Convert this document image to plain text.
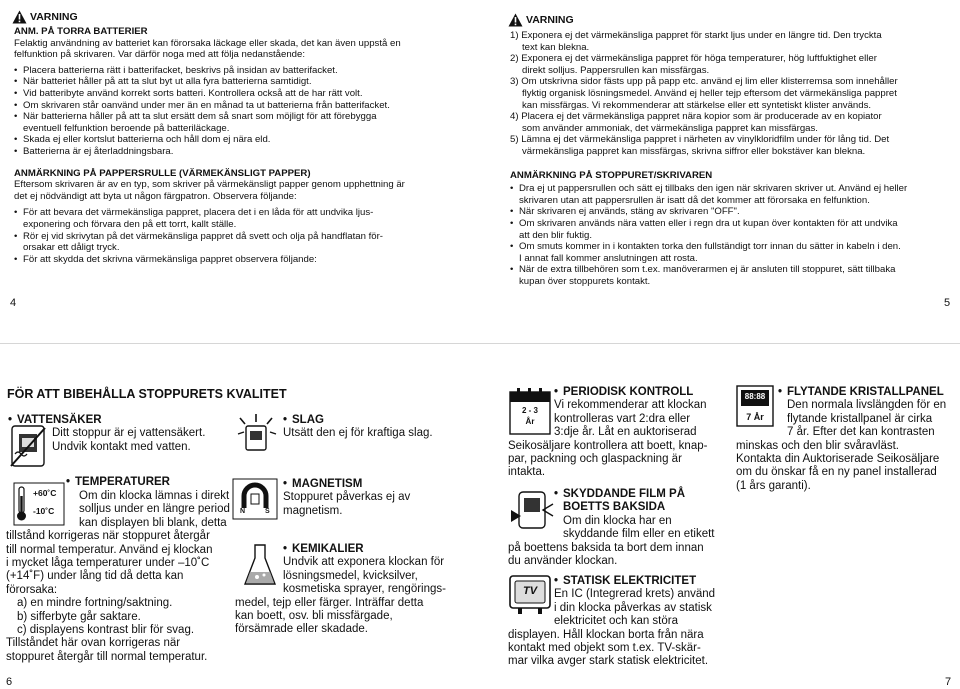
VARNING
ANM. PÅ TORRA BATTERIER
Felaktig användning av batteriet kan förorsaka läckage eller skada, det kan även uppstå en
felfunktion på skrivaren. Var därför noga med att följa nedanstående:
• Placera batterierna rätt i batterifacket, beskrivs på insidan av batterifacket.
• När batteriet håller på att ta slut byt ut alla fyra batterierna samtidigt.
• Vid batteribyte använd korrekt sorts batteri. Kontrollera också att de har rätt volt.
• Om skrivaren står oanvänd under mer än en månad ta ut batterierna från batterifacket.
• När batterierna håller på att ta slut ersätt dem så snart som möjligt för att förebygga
eventuell felfunktion beroende på batteriläckage.
• Skada ej eller kortslut batterierna och håll dom ej nära eld.
• Batterierna är ej återladdningsbara.
ANMÄRKNING PÅ PAPPERSRULLE (VÄRMEKÄNSLIGT PAPPER)
Eftersom skrivaren är av en typ, som skriver på värmekänsligt papper genom upphettning är
det ej nödvändigt att byta ut någon färgpatron. Observera följande:
• För att bevara det värmekänsliga pappret, placera det i en låda för att undvika ljus-
exponering och förvara den på ett torrt, kallt ställe.
• Rör ej vid skrivytan på det värmekänsliga pappret då svett och olja på handflatan för-
orsakar ett dåligt tryck.
• För att skydda det skrivna värmekänsliga pappret observera följande:
4
VARNING
1) Exponera ej det värmekänsliga pappret för starkt ljus under en längre tid. Den tryckta
text kan blekna.
2) Exponera ej det värmekänsliga pappret för höga temperaturer, hög luftfuktighet eller
direkt solljus. Pappersrullen kan missfärgas.
3) Om utskrivna sidor fästs upp på papp etc. använd ej lim eller klisterremsa som innehåller
flyktig organisk lösningsmedel. Använd ej heller tejp eftersom det värmekänsliga pappret
kan missfärgas. Vi rekommenderar att stärkelse eller ett syntetiskt klister används.
4) Placera ej det värmekänsliga pappret nära kopior som är producerade av en kopiator
som använder ammoniak, det värmekänsliga pappret kan missfärgas.
5) Lämna ej det värmekänsliga pappret i närheten av vinylkloridfilm under för lång tid. Det
värmekänsliga pappret kan missfärgas, skrivna siffror eller bokstäver kan blekna.
ANMÄRKNING PÅ STOPPURET/SKRIVAREN
• Dra ej ut pappersrullen och sätt ej tillbaks den igen när skrivaren skriver ut. Använd ej heller
skrivaren utan att pappersrullen är isatt då det kommer att förorsaka en felfunktion.
• När skrivaren ej används, stäng av skrivaren "OFF".
• Om skrivaren används nära vatten eller i regn dra ut kupan över kontakten för att undvika
att den blir fuktig.
• Om smuts kommer in i kontakten torka den fullständigt torr innan du sätter in kabeln i den.
I annat fall kommer anslutningen att rosta.
• När de extra tillbehören som t.ex. manöverarmen ej är ansluten till stoppuret, sätt tillbaka
kupan över stoppurets kontakt.
5
FÖR ATT BIBEHÅLLA STOPPURETS KVALITET
• VATTENSÄKER
Ditt stoppur är ej vattensäkert.
Undvik kontakt med vatten.
• SLAG
Utsätt den ej för kraftiga slag.
+60˚C
-10˚C
• TEMPERATURER
Om din klocka lämnas i direkt
solljus under en längre period
kan displayen bli blank, detta
tillstånd korrigeras när stoppuret återgår
till normal temperatur. Använd ej klockan
i mycket låga temperaturer under –10˚C
(+14˚F) under lång tid då detta kan
förorsaka:
a) en mindre fortning/saktning.
b) sifferbyte går saktare.
c) displayens kontrast blir för svag.
Tillståndet här ovan korrigeras när
stoppuret återgår till normal temperatur.
N	S
• MAGNETISM
Stoppuret påverkas ej av
magnetism.
• KEMIKALIER
Undvik att exponera klockan för
lösningsmedel, kvicksilver,
kosmetiska sprayer, rengörings-
medel, tejp eller färger. Inträffar detta
kan boett, osv. bli missfärgade,
försämrade eller skadade.
6
2 - 3
År
• PERIODISK KONTROLL
Vi rekommenderar att klockan
kontrolleras vart 2:dra eller
3:dje år. Låt en auktoriserad
Seikosäljare kontrollera att boett, knap-
par, packning och glaspackning är
intakta.
• SKYDDANDE FILM PÅ
BOETTS BAKSIDA
Om din klocka har en
skyddande film eller en etikett
på boettens baksida ta bort dem innan
du använder klockan.
TV
• STATISK ELEKTRICITET
En IC (Integrerad krets) använd
i din klocka påverkas av statisk
elektricitet och kan störa
displayen. Håll klockan borta från nära
kontakt med objekt som t.ex. TV-skär-
mar vilka avger stark statisk elektricitet.
88:88
7 År
• FLYTANDE KRISTALLPANEL
Den normala livslängden för en
flytande kristallpanel är cirka
7 år. Efter det kan kontrasten
minskas och den blir svåravläst.
Kontakta din Auktoriserade Seikosäljare
om du önskar få en ny panel installerad
(1 års garanti).
7
